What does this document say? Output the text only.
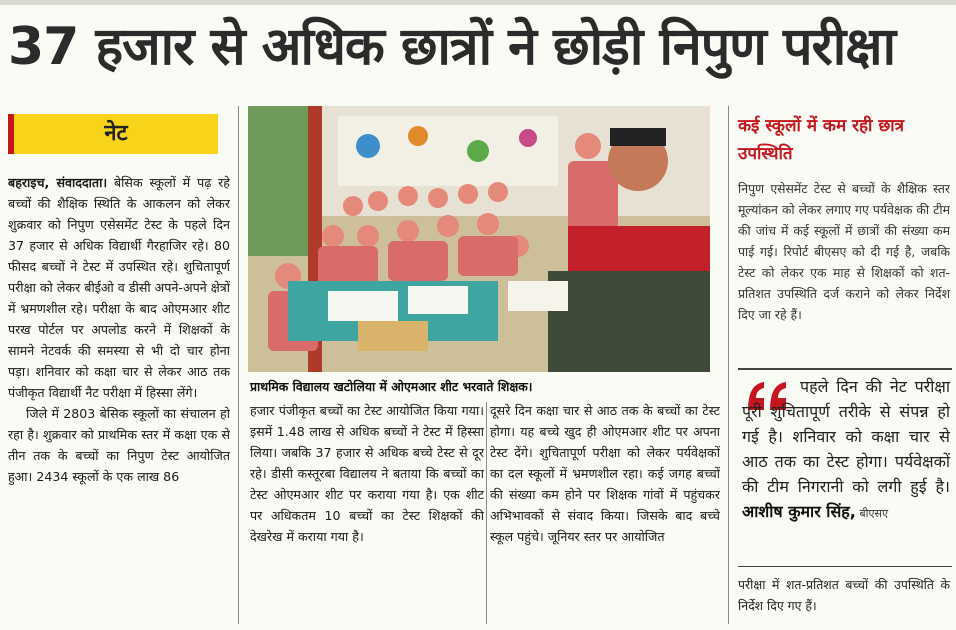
37 हजार से अधिक छात्रों ने छोड़ी निपुण परीक्षा
नेट

बहराइच, संवाददाता। बेसिक स्कूलों में पढ़ रहे बच्चों की शैक्षिक स्थिति के आकलन को लेकर शुक्रवार को निपुण एसेसमेंट टेस्ट के पहले दिन 37 हजार से अधिक विद्यार्थी गैरहाजिर रहे। 80 फीसद बच्चों ने टेस्ट में उपस्थित रहे। शुचितापूर्ण परीक्षा को लेकर बीईओ व डीसी अपने-अपने क्षेत्रों में भ्रमणशील रहे। परीक्षा के बाद ओएमआर शीट परख पोर्टल पर अपलोड करने में शिक्षकों के सामने नेटवर्क की समस्या से भी दो चार होना पड़ा। शनिवार को कक्षा चार से लेकर आठ तक पंजीकृत विद्यार्थी नैट परीक्षा में हिस्सा लेंगे।

जिले में 2803 बेसिक स्कूलों का संचालन हो रहा है। शुक्रवार को प्राथमिक स्तर में कक्षा एक से तीन तक के बच्चों का निपुण टेस्ट आयोजित हुआ। 2434 स्कूलों के एक लाख 86

प्राथमिक विद्यालय खटोलिया में ओएमआर शीट भरवाते शिक्षक।

हजार पंजीकृत बच्चों का टेस्ट आयोजित किया गया। इसमें 1.48 लाख से अधिक बच्चों ने टेस्ट में हिस्सा लिया। जबकि 37 हजार से अधिक बच्चे टेस्ट से दूर रहे। डीसी कस्तूरबा विद्यालय ने बताया कि बच्चों का टेस्ट ओएमआर शीट पर कराया गया है। एक शीट पर अधिकतम 10 बच्चों का टेस्ट शिक्षकों की देखरेख में कराया गया है।

दूसरे दिन कक्षा चार से आठ तक के बच्चों का टेस्ट होगा। यह बच्चे खुद ही ओएमआर शीट पर अपना टेस्ट देंगे। शुचितापूर्ण परीक्षा को लेकर पर्यवेक्षकों का दल स्कूलों में भ्रमणशील रहा। कई जगह बच्चों की संख्या कम होने पर शिक्षक गांवों में पहुंचकर अभिभावकों से संवाद किया। जिसके बाद बच्चे स्कूल पहुंचे। जूनियर स्तर पर आयोजित

कई स्कूलों में कम रही छात्र उपस्थिति
निपुण एसेसमेंट टेस्ट से बच्चों के शैक्षिक स्तर मूल्यांकन को लेकर लगाए गए पर्यवेक्षक की टीम की जांच में कई स्कूलों में छात्रों की संख्या कम पाई गई। रिपोर्ट बीएसए को दी गई है, जबकि टेस्ट को लेकर एक माह से शिक्षकों को शत-प्रतिशत उपस्थिति दर्ज कराने को लेकर निर्देश दिए जा रहे हैं।
पहले दिन की नेट परीक्षा पूरी शुचितापूर्ण तरीके से संपन्न हो गई है। शनिवार को कक्षा चार से आठ तक का टेस्ट होगा। पर्यवेक्षकों की टीम निगरानी को लगी हुई है। आशीष कुमार सिंह, बीएसए
परीक्षा में शत-प्रतिशत बच्चों की उपस्थिति के निर्देश दिए गए हैं।
